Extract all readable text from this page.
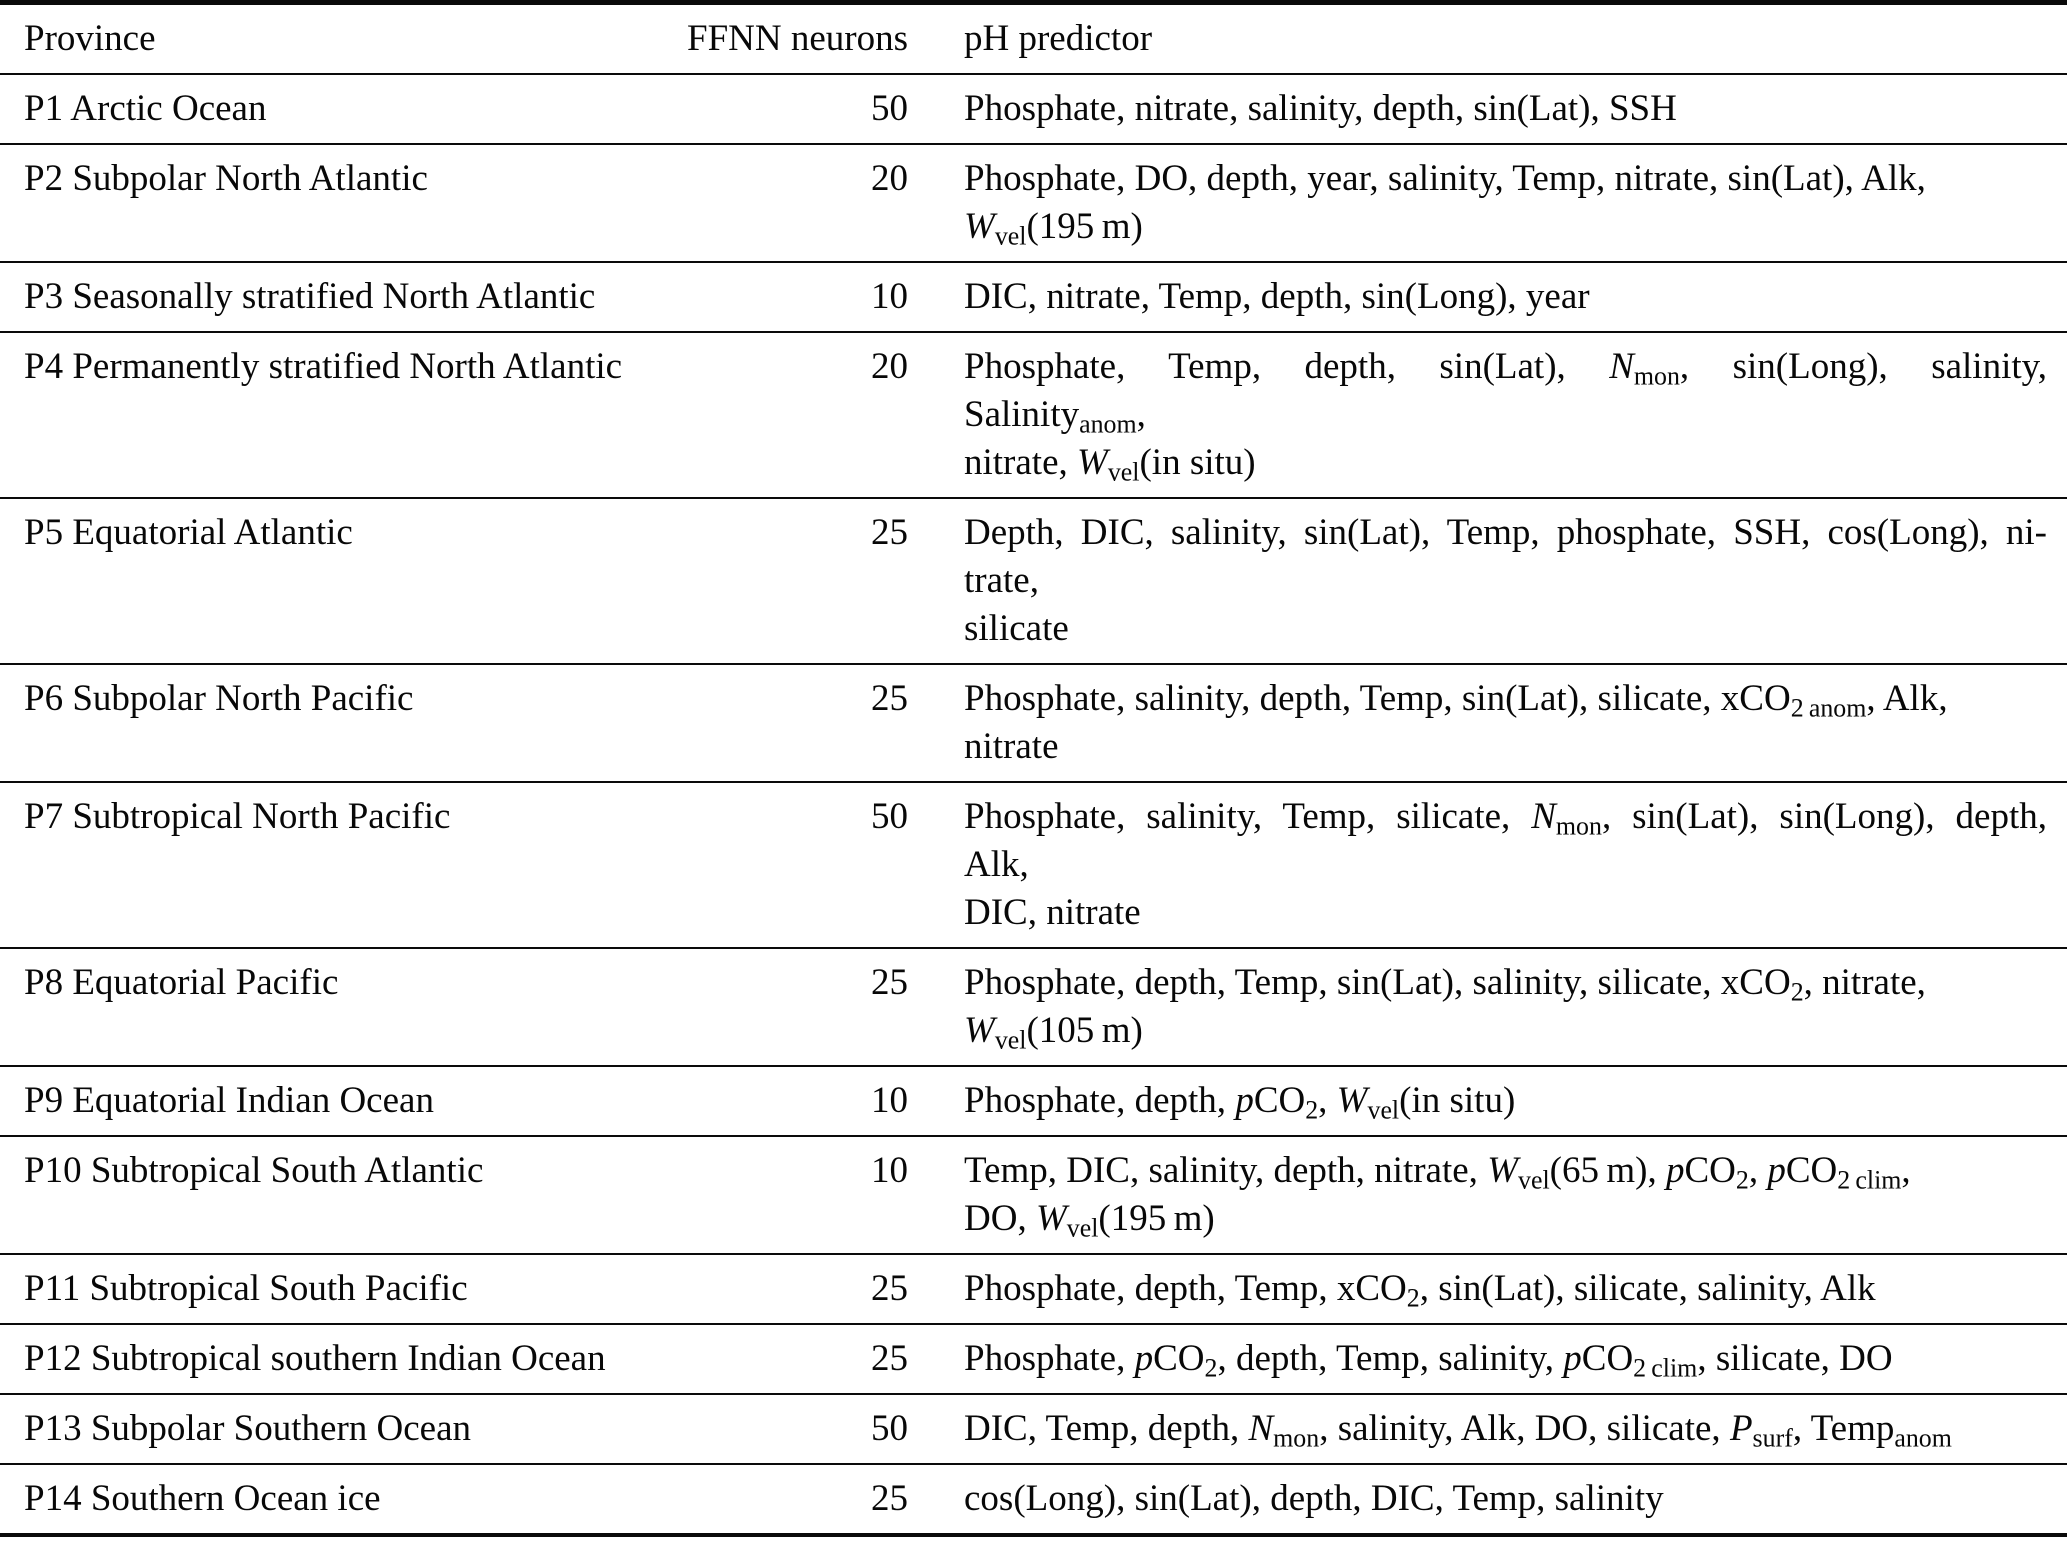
Province	FFNN neurons	pH predictor
P1 Arctic Ocean	50	Phosphate, nitrate, salinity, depth, sin(Lat), SSH

P2 Subpolar North Atlantic	20	Phosphate, DO, depth, year, salinity, Temp, nitrate, sin(Lat), Alk,
$W_{vel}(195$ m)

P3 Seasonally stratified North Atlantic	10	DIC, nitrate, Temp, depth, sin(Long), year

P4 Permanently stratified North Atlantic	20	Phosphate, Temp, depth, sin(Lat), $N_{mon}$, sin(Long), salinity,
Salinity$_{anom}$,
nitrate, $W_{vel}(in$ situ)

P5 Equatorial Atlantic	25	Depth, DIC, salinity, sin(Lat), Temp, phosphate, SSH, cos(Long), ni-
trate,
silicate

P6 Subpolar North Pacific	25	Phosphate, salinity, depth, Temp, sin(Lat), silicate, xCO$_{2 anom}$, Alk,
nitrate

P7 Subtropical North Pacific	50	Phosphate, salinity, Temp, silicate, $N_{mon}$, sin(Lat), sin(Long), depth,
Alk,
DIC, nitrate

P8 Equatorial Pacific	25	Phosphate, depth, Temp, sin(Lat), salinity, silicate, xCO$_2$, nitrate,
$W_{vel}(105$ m)

P9 Equatorial Indian Ocean	10	Phosphate, depth, pCO$_2$, $W_{vel}(in$ situ)

P10 Subtropical South Atlantic	10	Temp, DIC, salinity, depth, nitrate, $W_{vel}(65$ m), pCO$_2$, pCO$_{2 clim}$,
DO, $W_{vel}(195$ m)

P11 Subtropical South Pacific	25	Phosphate, depth, Temp, xCO$_2$, sin(Lat), silicate, salinity, Alk

P12 Subtropical southern Indian Ocean	25	Phosphate, pCO$_2$, depth, Temp, salinity, pCO$_{2 clim}$, silicate, DO

P13 Subpolar Southern Ocean	50	DIC, Temp, depth, $N_{mon}$, salinity, Alk, DO, silicate, $P_{surf}$, Temp$_{anom}$

P14 Southern Ocean ice	25	cos(Long), sin(Lat), depth, DIC, Temp, salinity
